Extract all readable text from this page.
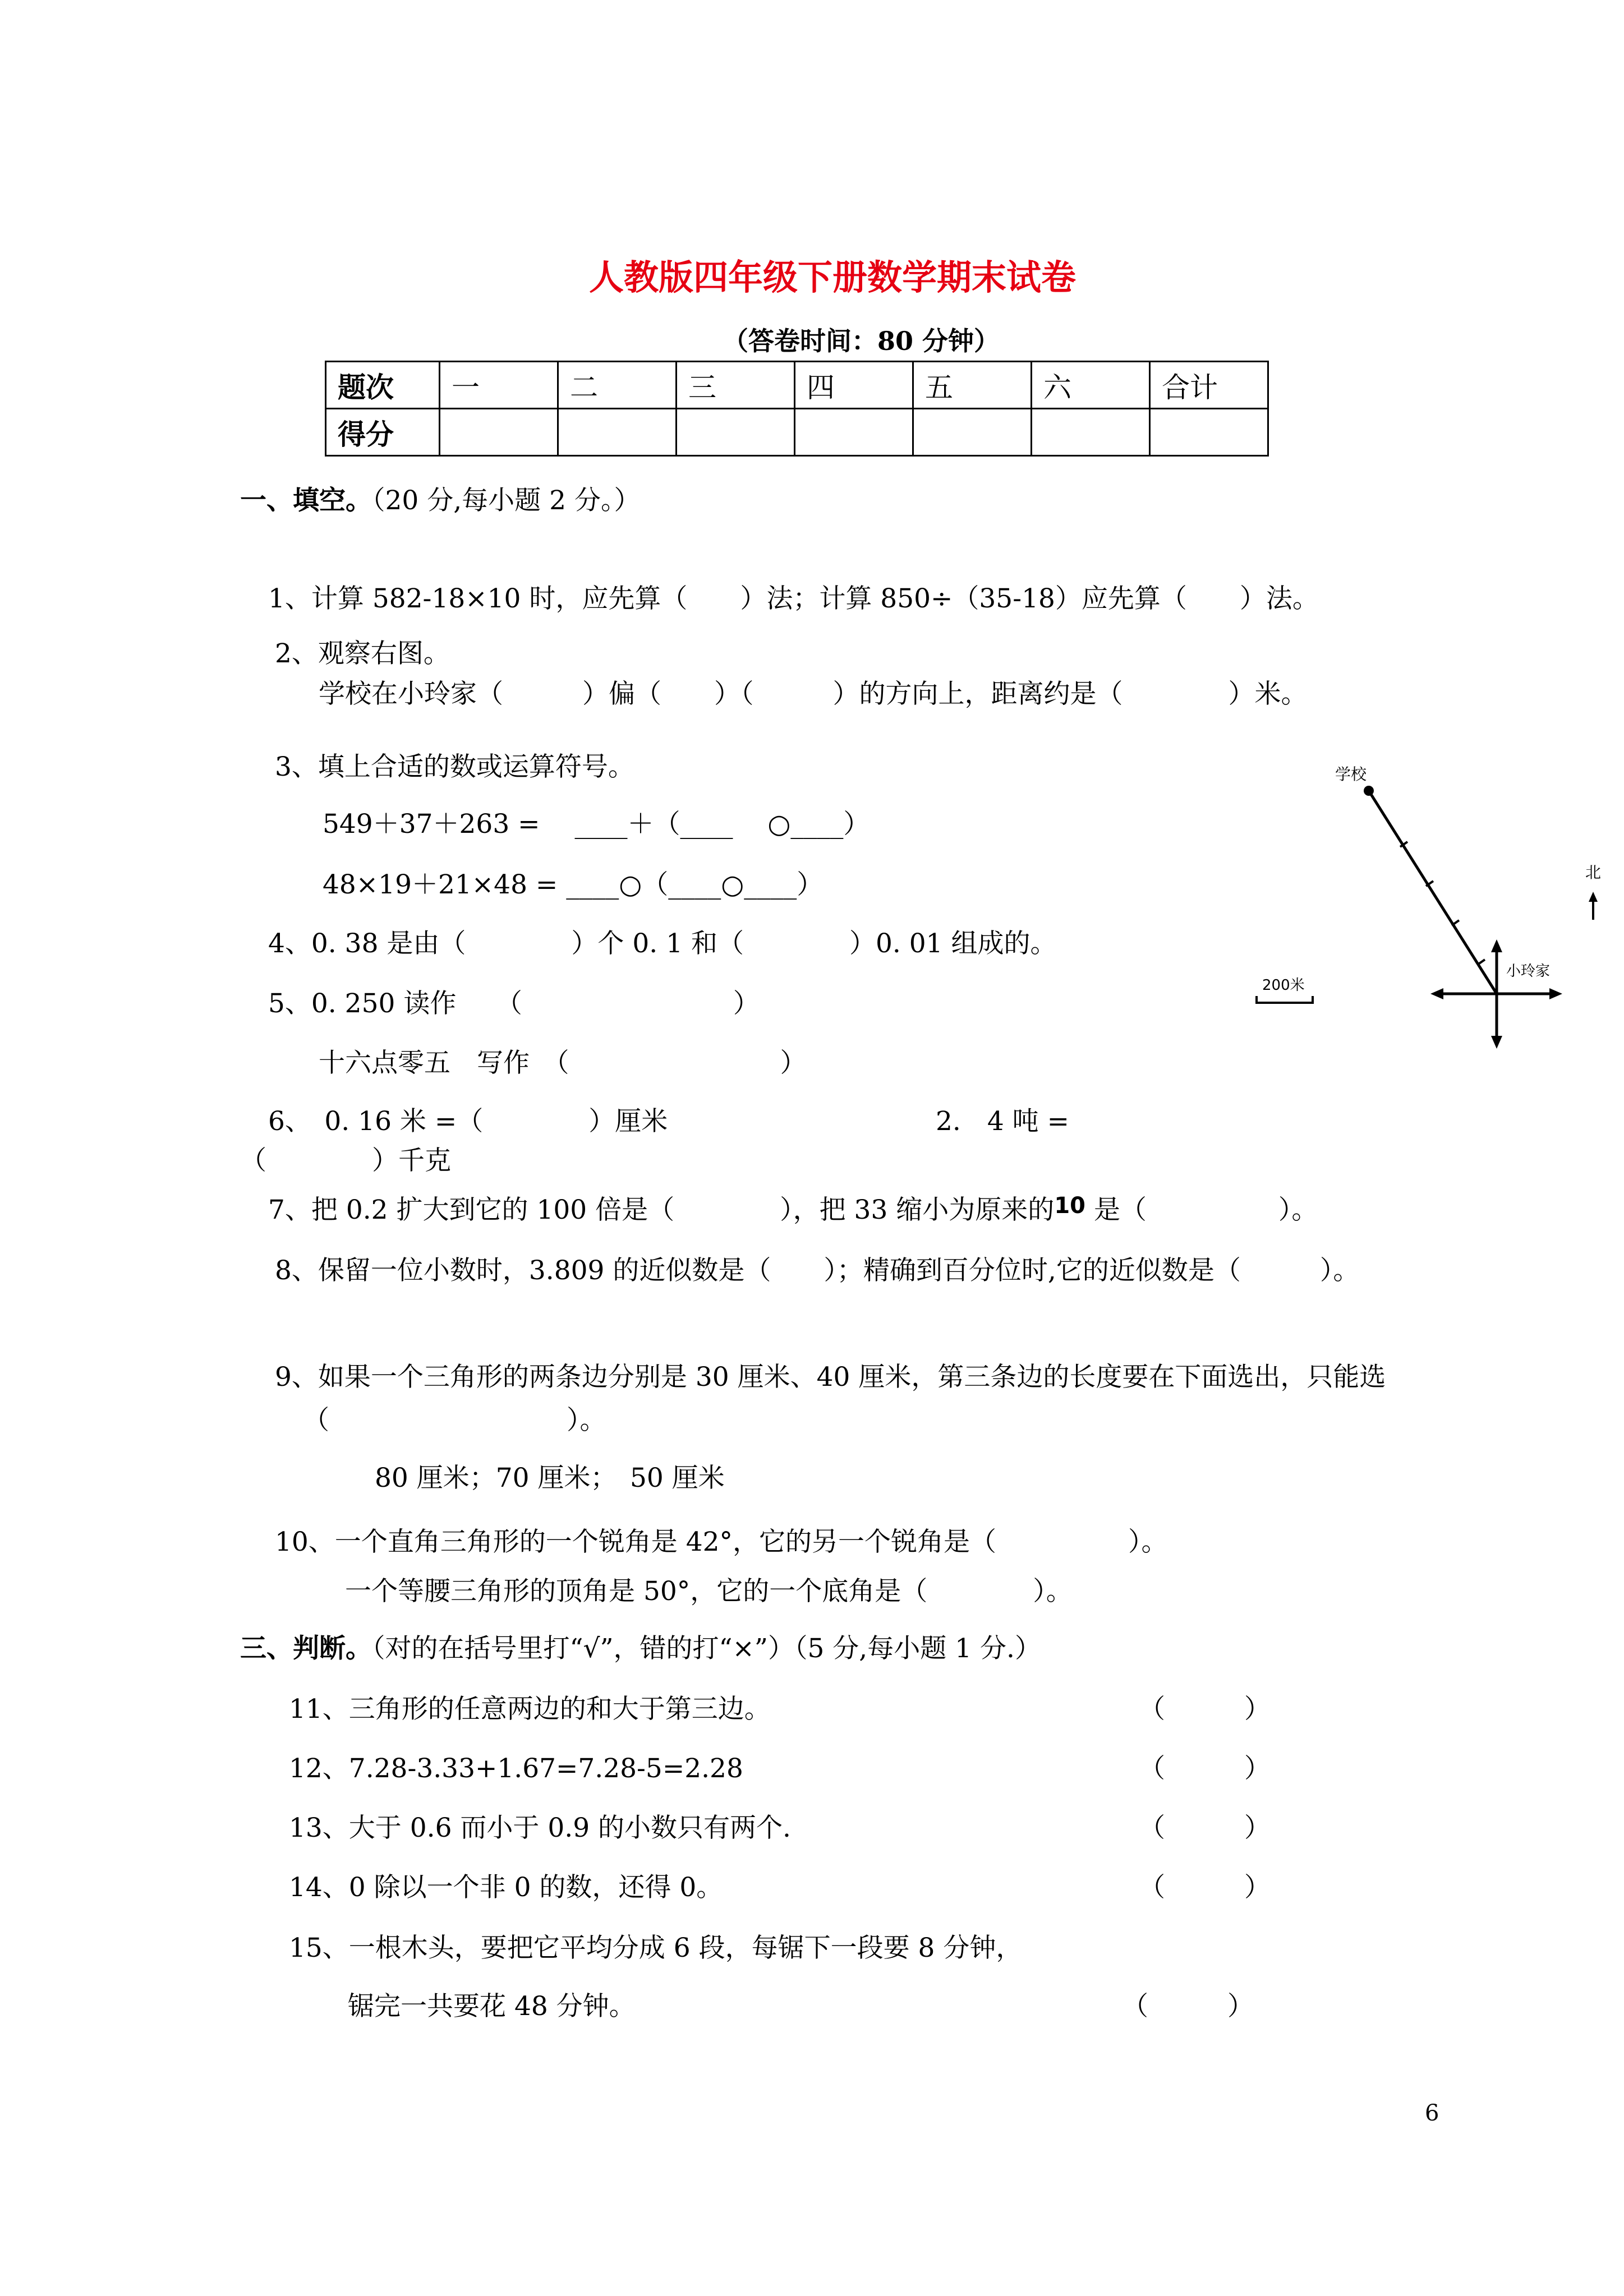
人教版四年级下册数学期末试卷
（答卷时间：80 分钟）
题次	一	二	三	四	五	六	合计
得分							
一、填空。（20 分,每小题 2 分。）
1、计算 582-18×10 时，应先算（　　）法；计算 850÷（35-18）应先算（　　）法。
2、观察右图。
学校在小玲家（　　　）偏（　　）（　　　）的方向上，距离约是（　　　　）米。
3、填上合适的数或运算符号。
549＋37＋263 =　 ____＋（____　 ○____）
48×19＋21×48 = ____○（____○____）
4、0. 38 是由（　　　　）个 0. 1 和（　　　　）0. 01 组成的。
5、0. 250 读作　　（　　　　　　　　）
十六点零五　写作　（　　　　　　　　）
6、　0. 16 米 =（　　　　）厘米	2.　4 吨 =
（　　　　）千克
7、把 0.2 扩大到它的 100 倍是（　　　　），把 33 缩小为原来的10 是（　　　　　）。
8、保留一位小数时，3.809 的近似数是（　　）；精确到百分位时,它的近似数是（　　　）。
9、如果一个三角形的两条边分别是 30 厘米、40 厘米，第三条边的长度要在下面选出，只能选
（　　　　　　　　　）。
80 厘米；70 厘米；　50 厘米
10、一个直角三角形的一个锐角是 42°，它的另一个锐角是（　　　　　）。
一个等腰三角形的顶角是 50°，它的一个底角是（　　　　）。
三、判断。（对的在括号里打“√”，错的打“×”）（5 分,每小题 1 分.）
11、三角形的任意两边的和大于第三边。	（　　　）
12、7.28-3.33+1.67=7.28-5=2.28	（　　　）
13、大于 0.6 而小于 0.9 的小数只有两个.	（　　　）
14、0 除以一个非 0 的数，还得 0。	（　　　）
15、一根木头，要把它平均分成 6 段，每锯下一段要 8 分钟，
锯完一共要花 48 分钟。	（　　　）
学校
小玲家
北
200米
6
